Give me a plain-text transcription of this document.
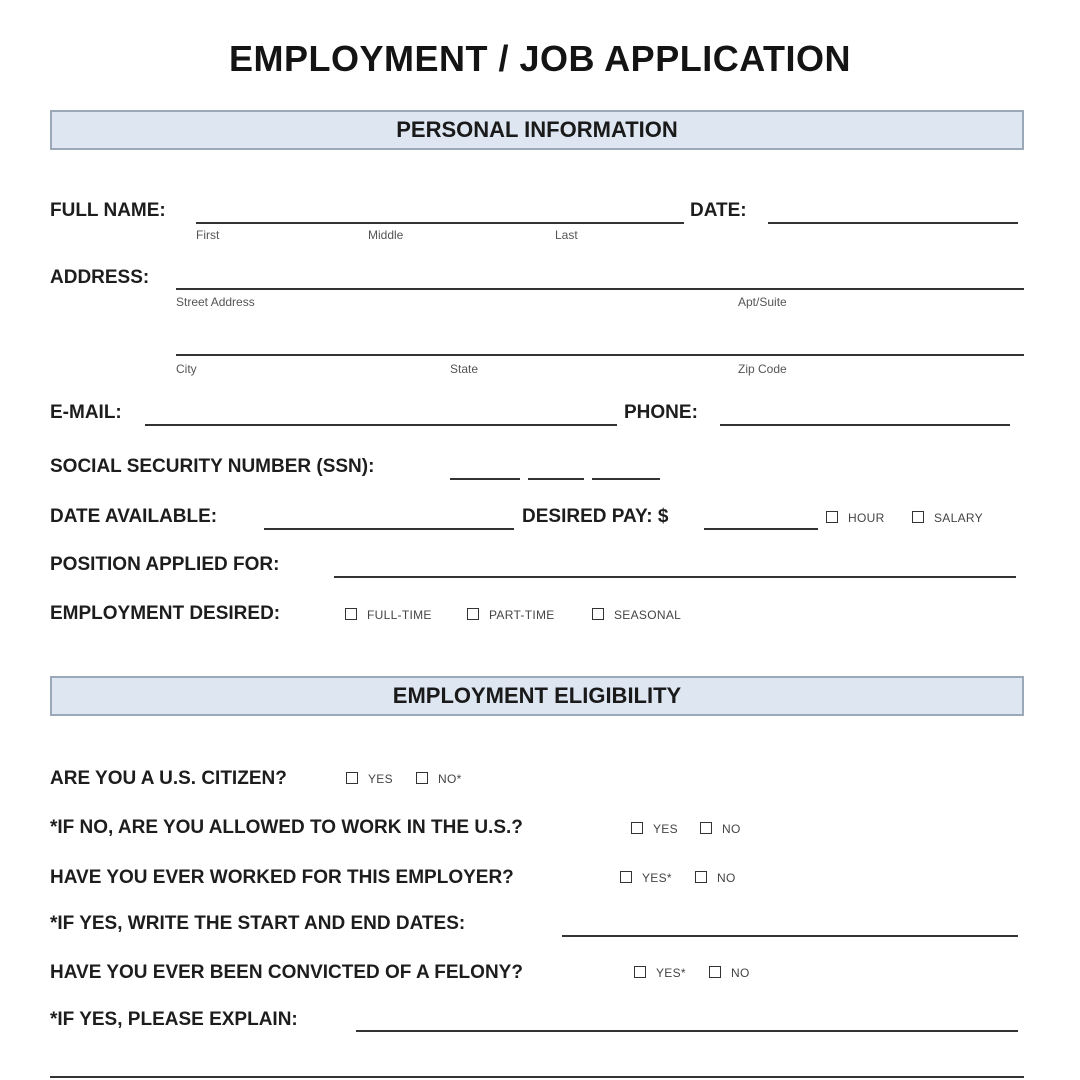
EMPLOYMENT / JOB APPLICATION
PERSONAL INFORMATION
FULL NAME:
First	Middle	Last
DATE:
ADDRESS:
Street Address	Apt/Suite
City	State	Zip Code
E-MAIL:	PHONE:
SOCIAL SECURITY NUMBER (SSN):
DATE AVAILABLE:	DESIRED PAY: $	HOUR	SALARY
POSITION APPLIED FOR:
EMPLOYMENT DESIRED:	FULL-TIME	PART-TIME	SEASONAL
EMPLOYMENT ELIGIBILITY
ARE YOU A U.S. CITIZEN?	YES	NO*
*IF NO, ARE YOU ALLOWED TO WORK IN THE U.S.?	YES	NO
HAVE YOU EVER WORKED FOR THIS EMPLOYER?	YES*	NO
*IF YES, WRITE THE START AND END DATES:
HAVE YOU EVER BEEN CONVICTED OF A FELONY?	YES*	NO
*IF YES, PLEASE EXPLAIN:
